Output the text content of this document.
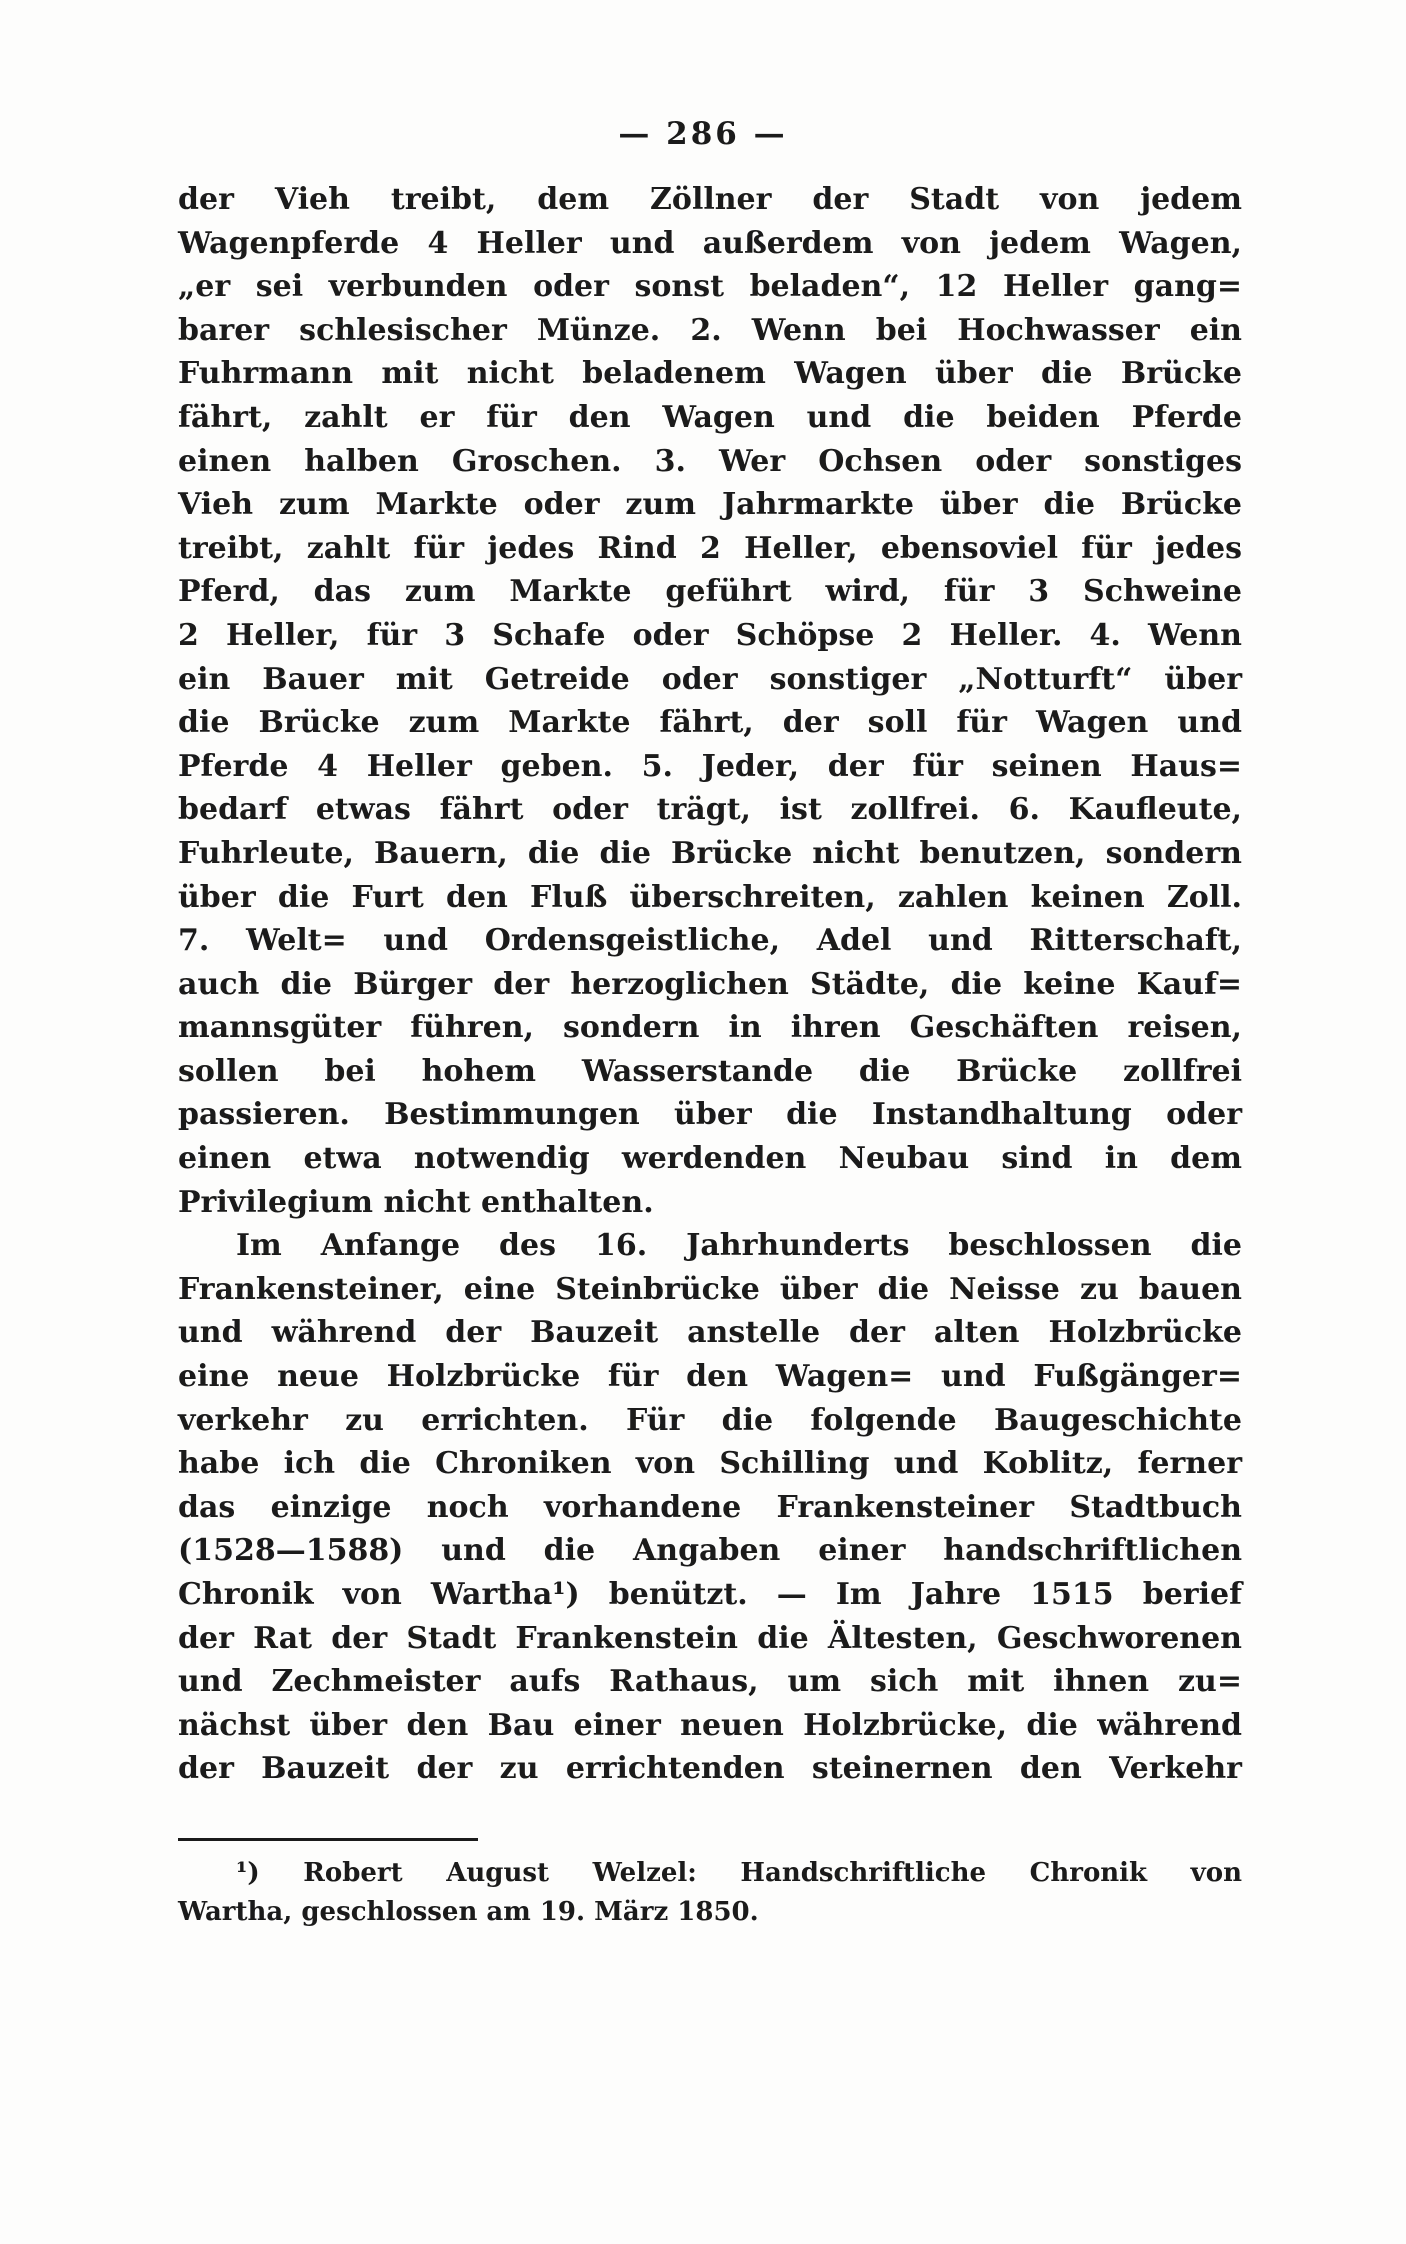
— 286 —
der Vieh treibt, dem Zöllner der Stadt von jedem
Wagenpferde 4 Heller und außerdem von jedem Wagen,
„er sei verbunden oder sonst beladen“, 12 Heller gang=
barer schlesischer Münze. 2. Wenn bei Hochwasser ein
Fuhrmann mit nicht beladenem Wagen über die Brücke
fährt, zahlt er für den Wagen und die beiden Pferde
einen halben Groschen. 3. Wer Ochsen oder sonstiges
Vieh zum Markte oder zum Jahrmarkte über die Brücke
treibt, zahlt für jedes Rind 2 Heller, ebensoviel für jedes
Pferd, das zum Markte geführt wird, für 3 Schweine
2 Heller, für 3 Schafe oder Schöpse 2 Heller. 4. Wenn
ein Bauer mit Getreide oder sonstiger „Notturft“ über
die Brücke zum Markte fährt, der soll für Wagen und
Pferde 4 Heller geben. 5. Jeder, der für seinen Haus=
bedarf etwas fährt oder trägt, ist zollfrei. 6. Kaufleute,
Fuhrleute, Bauern, die die Brücke nicht benutzen, sondern
über die Furt den Fluß überschreiten, zahlen keinen Zoll.
7. Welt= und Ordensgeistliche, Adel und Ritterschaft,
auch die Bürger der herzoglichen Städte, die keine Kauf=
mannsgüter führen, sondern in ihren Geschäften reisen,
sollen bei hohem Wasserstande die Brücke zollfrei
passieren. Bestimmungen über die Instandhaltung oder
einen etwa notwendig werdenden Neubau sind in dem
Privilegium nicht enthalten.
Im Anfange des 16. Jahrhunderts beschlossen die
Frankensteiner, eine Steinbrücke über die Neisse zu bauen
und während der Bauzeit anstelle der alten Holzbrücke
eine neue Holzbrücke für den Wagen= und Fußgänger=
verkehr zu errichten. Für die folgende Baugeschichte
habe ich die Chroniken von Schilling und Koblitz, ferner
das einzige noch vorhandene Frankensteiner Stadtbuch
(1528—1588) und die Angaben einer handschriftlichen
Chronik von Wartha¹) benützt. — Im Jahre 1515 berief
der Rat der Stadt Frankenstein die Ältesten, Geschworenen
und Zechmeister aufs Rathaus, um sich mit ihnen zu=
nächst über den Bau einer neuen Holzbrücke, die während
der Bauzeit der zu errichtenden steinernen den Verkehr
¹) Robert August Welzel: Handschriftliche Chronik von
Wartha, geschlossen am 19. März 1850.
